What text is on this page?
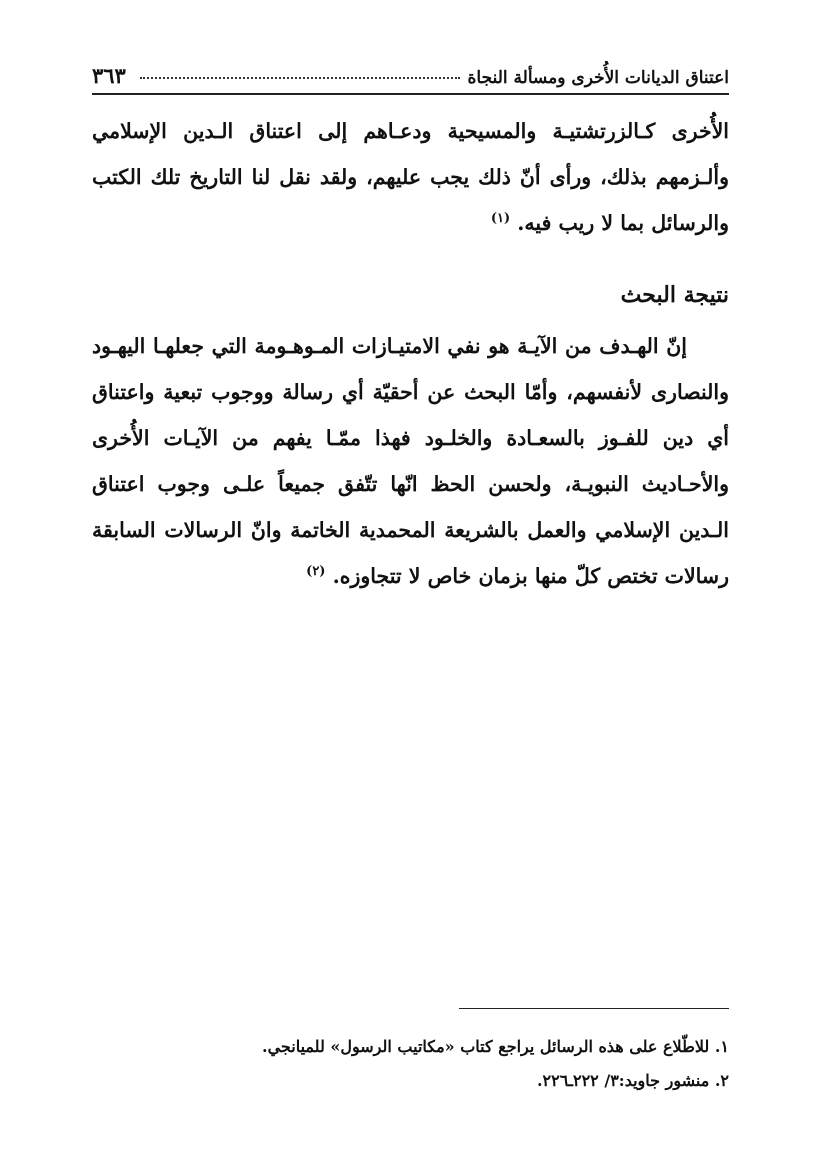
٣٦٣	اعتناق الديانات الأُخرى ومسألة النجاة

الأُخرى كـالزرتشتيـة والمسيحية ودعـاهم إلى اعتناق الـدين الإسلامي وألـزمهم بذلك، ورأى أنّ ذلك يجب عليهم، ولقد نقل لنا التاريخ تلك الكتب والرسائل بما لا ريب فيه. $^{(١)}$

نتيجة البحث

إنّ الهـدف من الآيـة هو نفي الامتيـازات المـوهـومة التي جعلهـا اليهـود والنصارى لأنفسهم، وأمّا البحث عن أحقيّة أي رسالة ووجوب تبعية واعتناق أي دين للفـوز بالسعـادة والخلـود فهذا ممّـا يفهم من الآيـات الأُخرى والأحـاديث النبويـة، ولحسن الحظ انّها تتّفق جميعاً علـى وجوب اعتناق الـدين الإسلامي والعمل بالشريعة المحمدية الخاتمة وانّ الرسالات السابقة رسالات تختص كلّ منها بزمان خاص لا تتجاوزه. $^{(٢)}$

١. للاطّلاع على هذه الرسائل يراجع كتاب «مكاتيب الرسول» للميانجي.
٢. منشور جاويد:٣/ ٢٢٢ـ٢٢٦.
